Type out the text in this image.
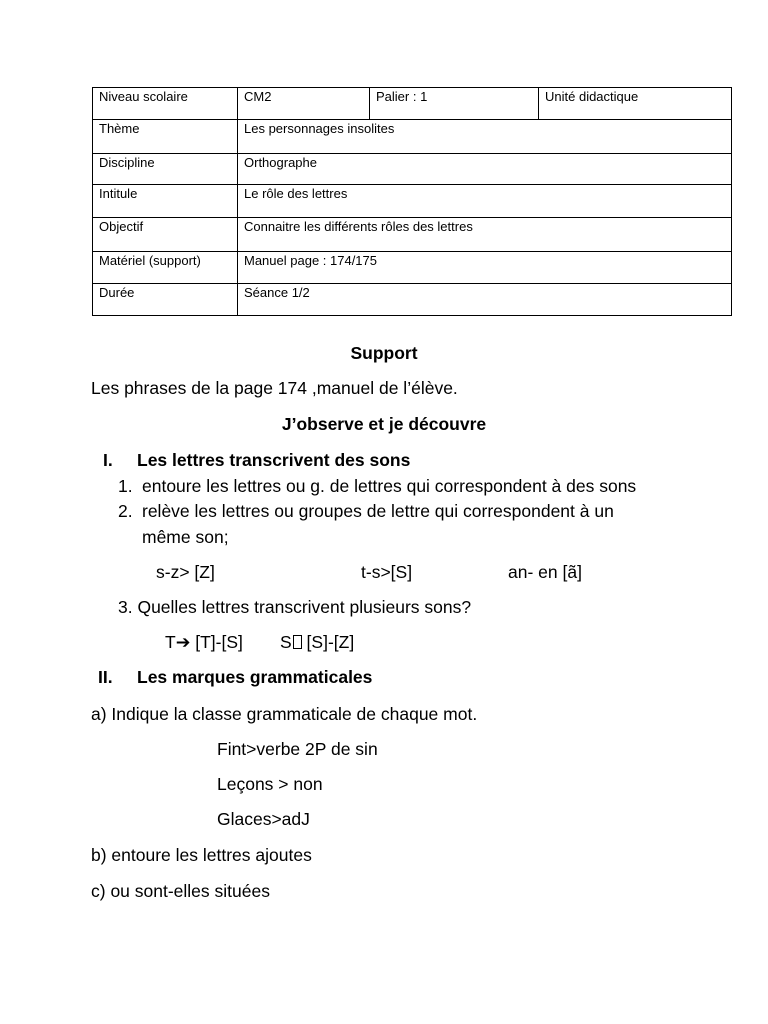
Niveau scolaire	CM2	Palier : 1	Unité didactique
Thème	Les personnages insolites		
Discipline	Orthographe		
Intitule	Le rôle des lettres		
Objectif	Connaitre les différents rôles des lettres		
Matériel (support)	Manuel page : 174/175		
Durée	Séance 1/2		
Support
Les phrases de la page 174 ,manuel de l’élève.
J’observe et je découvre
I. Les lettres transcrivent des sons
1. entoure les lettres ou g. de lettres qui correspondent à des sons
2. relève les lettres ou groupes de lettre qui correspondent à un
même son;
s-z> [Z]	t-s>[S]	an- en [ã]
3. Quelles lettres transcrivent plusieurs sons?
T➔ [T]-[S] S [S]-[Z]
II. Les marques grammaticales
a) Indique la classe grammaticale de chaque mot.
Fint>verbe 2P de sin
Leçons > non
Glaces>adJ
b) entoure les lettres ajoutes
c) ou sont-elles situées
